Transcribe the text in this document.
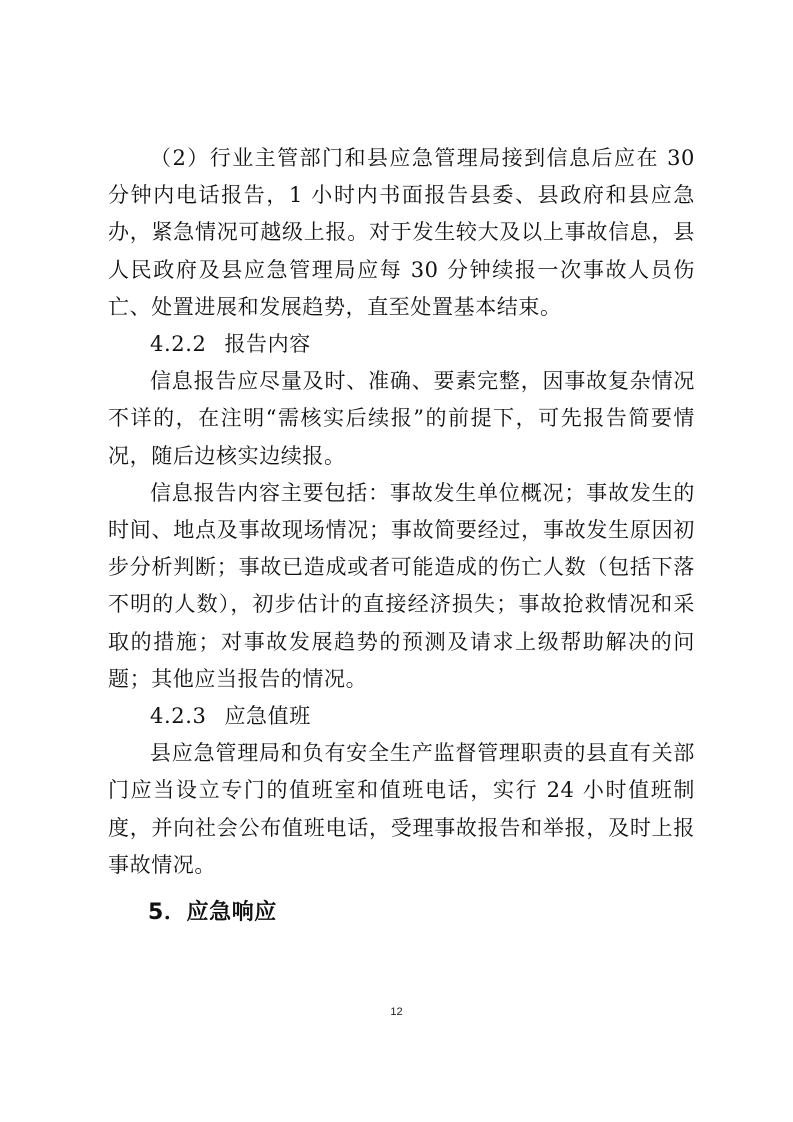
（2）行业主管部门和县应急管理局接到信息后应在 30 分钟内电话报告，1 小时内书面报告县委、县政府和县应急办，紧急情况可越级上报。对于发生较大及以上事故信息，县人民政府及县应急管理局应每 30 分钟续报一次事故人员伤亡、处置进展和发展趋势，直至处置基本结束。

4.2.2 报告内容

信息报告应尽量及时、准确、要素完整，因事故复杂情况不详的，在注明“需核实后续报”的前提下，可先报告简要情况，随后边核实边续报。

信息报告内容主要包括：事故发生单位概况；事故发生的时间、地点及事故现场情况；事故简要经过，事故发生原因初步分析判断；事故已造成或者可能造成的伤亡人数（包括下落不明的人数），初步估计的直接经济损失；事故抢救情况和采取的措施；对事故发展趋势的预测及请求上级帮助解决的问题；其他应当报告的情况。

4.2.3 应急值班

县应急管理局和负有安全生产监督管理职责的县直有关部门应当设立专门的值班室和值班电话，实行 24 小时值班制度，并向社会公布值班电话，受理事故报告和举报，及时上报事故情况。

5．应急响应
12
